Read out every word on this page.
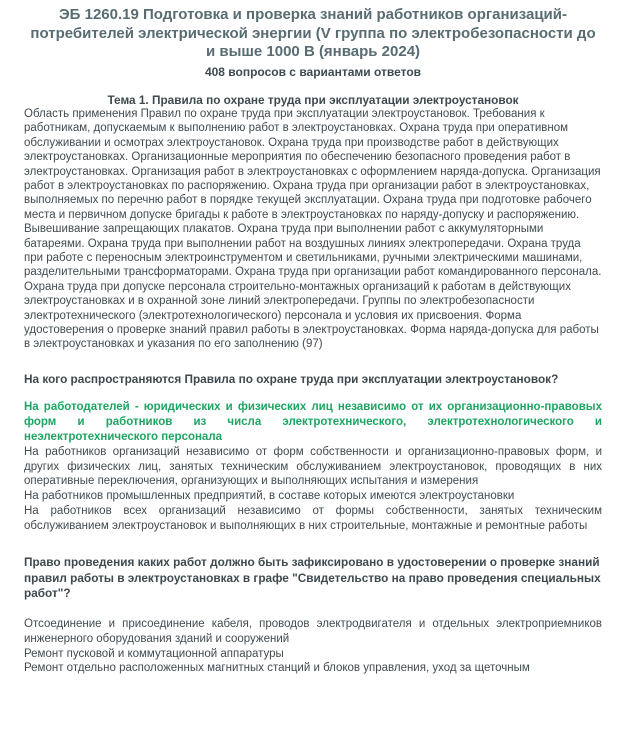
ЭБ 1260.19 Подготовка и проверка знаний работников организаций-потребителей электрической энергии (V группа по электробезопасности до и выше 1000 В (январь 2024)
408 вопросов с вариантами ответов
Тема 1. Правила по охране труда при эксплуатации электроустановок

Область применения Правил по охране труда при эксплуатации электроустановок. Требования к работникам, допускаемым к выполнению работ в электроустановках. Охрана труда при оперативном обслуживании и осмотрах электроустановок. Охрана труда при производстве работ в действующих электроустановках. Организационные мероприятия по обеспечению безопасного проведения работ в электроустановках. Организация работ в электроустановках с оформлением наряда-допуска. Организация работ в электроустановках по распоряжению. Охрана труда при организации работ в электроустановках, выполняемых по перечню работ в порядке текущей эксплуатации. Охрана труда при подготовке рабочего места и первичном допуске бригады к работе в электроустановках по наряду-допуску и распоряжению. Вывешивание запрещающих плакатов. Охрана труда при выполнении работ с аккумуляторными батареями. Охрана труда при выполнении работ на воздушных линиях электропередачи. Охрана труда при работе с переносным электроинструментом и светильниками, ручными электрическими машинами, разделительными трансформаторами. Охрана труда при организации работ командированного персонала. Охрана труда при допуске персонала строительно-монтажных организаций к работам в действующих электроустановках и в охранной зоне линий электропередачи. Группы по электробезопасности электротехнического (электротехнологического) персонала и условия их присвоения. Форма удостоверения о проверке знаний правил работы в электроустановках. Форма наряда-допуска для работы в электроустановках и указания по его заполнению (97)

На кого распространяются Правила по охране труда при эксплуатации электроустановок?

На работодателей - юридических и физических лиц независимо от их организационно-правовых форм и работников из числа электротехнического, электротехнологического и неэлектротехнического персонала

На работников организаций независимо от форм собственности и организационно-правовых форм, и других физических лиц, занятых техническим обслуживанием электроустановок, проводящих в них оперативные переключения, организующих и выполняющих испытания и измерения

На работников промышленных предприятий, в составе которых имеются электроустановки

На работников всех организаций независимо от формы собственности, занятых техническим обслуживанием электроустановок и выполняющих в них строительные, монтажные и ремонтные работы

Право проведения каких работ должно быть зафиксировано в удостоверении о проверке знаний правил работы в электроустановках в графе "Свидетельство на право проведения специальных работ"?

Отсоединение и присоединение кабеля, проводов электродвигателя и отдельных электроприемников инженерного оборудования зданий и сооружений

Ремонт пусковой и коммутационной аппаратуры

Ремонт отдельно расположенных магнитных станций и блоков управления, уход за щеточным
